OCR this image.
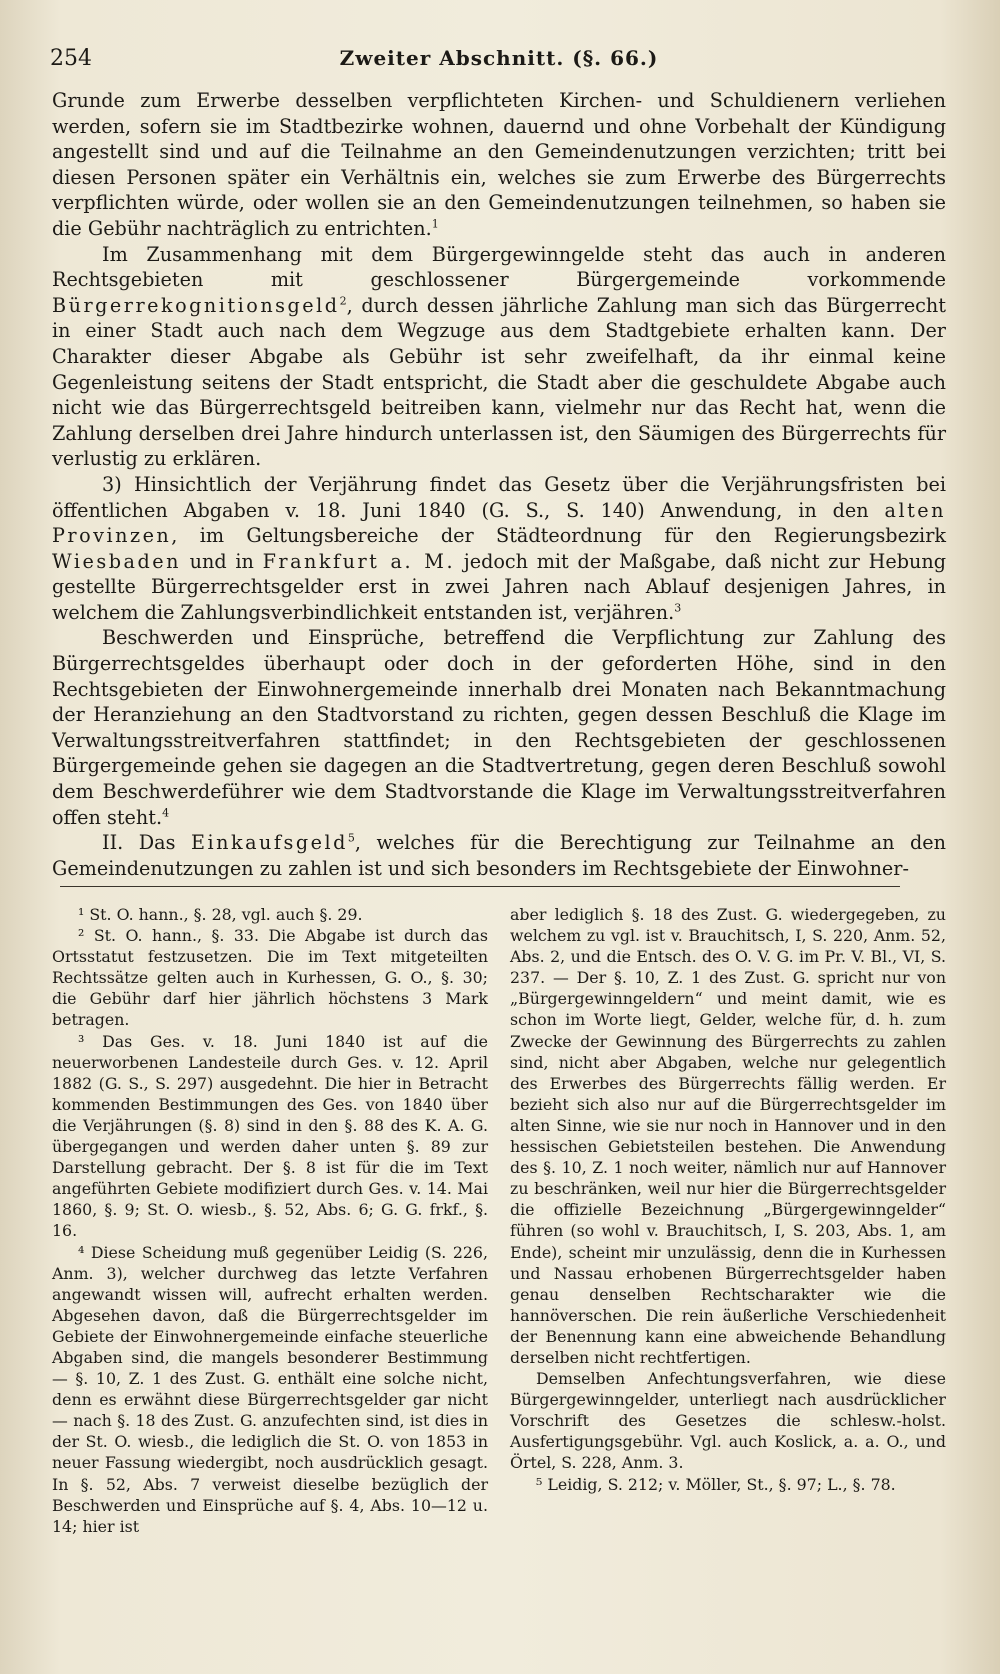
254	Zweiter Abschnitt. (§. 66.)

Grunde zum Erwerbe desselben verpflichteten Kirchen- und Schuldienern verliehen werden, sofern sie im Stadtbezirke wohnen, dauernd und ohne Vorbehalt der Kündigung angestellt sind und auf die Teilnahme an den Gemeindenutzungen verzichten; tritt bei diesen Personen später ein Verhältnis ein, welches sie zum Erwerbe des Bürgerrechts verpflichten würde, oder wollen sie an den Gemeindenutzungen teilnehmen, so haben sie die Gebühr nachträglich zu entrichten.$^1$

Im Zusammenhang mit dem Bürgergewinngelde steht das auch in anderen Rechtsgebieten mit geschlossener Bürgergemeinde vorkommende Bürgerrekognitionsgeld$^2$, durch dessen jährliche Zahlung man sich das Bürgerrecht in einer Stadt auch nach dem Wegzuge aus dem Stadtgebiete erhalten kann. Der Charakter dieser Abgabe als Gebühr ist sehr zweifelhaft, da ihr einmal keine Gegenleistung seitens der Stadt entspricht, die Stadt aber die geschuldete Abgabe auch nicht wie das Bürgerrechtsgeld beitreiben kann, vielmehr nur das Recht hat, wenn die Zahlung derselben drei Jahre hindurch unterlassen ist, den Säumigen des Bürgerrechts für verlustig zu erklären.

3) Hinsichtlich der Verjährung findet das Gesetz über die Verjährungsfristen bei öffentlichen Abgaben v. 18. Juni 1840 (G. S., S. 140) Anwendung, in den alten Provinzen, im Geltungsbereiche der Städteordnung für den Regierungsbezirk Wiesbaden und in Frankfurt a. M. jedoch mit der Maßgabe, daß nicht zur Hebung gestellte Bürgerrechtsgelder erst in zwei Jahren nach Ablauf desjenigen Jahres, in welchem die Zahlungsverbindlichkeit entstanden ist, verjähren.$^3$

Beschwerden und Einsprüche, betreffend die Verpflichtung zur Zahlung des Bürgerrechtsgeldes überhaupt oder doch in der geforderten Höhe, sind in den Rechtsgebieten der Einwohnergemeinde innerhalb drei Monaten nach Bekanntmachung der Heranziehung an den Stadtvorstand zu richten, gegen dessen Beschluß die Klage im Verwaltungsstreitverfahren stattfindet; in den Rechtsgebieten der geschlossenen Bürgergemeinde gehen sie dagegen an die Stadtvertretung, gegen deren Beschluß sowohl dem Beschwerdeführer wie dem Stadtvorstande die Klage im Verwaltungsstreitverfahren offen steht.$^4$

II. Das Einkaufsgeld$^5$, welches für die Berechtigung zur Teilnahme an den Gemeindenutzungen zu zahlen ist und sich besonders im Rechtsgebiete der Einwohner-

¹ St. O. hann., §. 28, vgl. auch §. 29.

² St. O. hann., §. 33. Die Abgabe ist durch das Ortsstatut festzusetzen. Die im Text mitgeteilten Rechtssätze gelten auch in Kurhessen, G. O., §. 30; die Gebühr darf hier jährlich höchstens 3 Mark betragen.

³ Das Ges. v. 18. Juni 1840 ist auf die neuerworbenen Landesteile durch Ges. v. 12. April 1882 (G. S., S. 297) ausgedehnt. Die hier in Betracht kommenden Bestimmungen des Ges. von 1840 über die Verjährungen (§. 8) sind in den §. 88 des K. A. G. übergegangen und werden daher unten §. 89 zur Darstellung gebracht. Der §. 8 ist für die im Text angeführten Gebiete modifiziert durch Ges. v. 14. Mai 1860, §. 9; St. O. wiesb., §. 52, Abs. 6; G. G. frkf., §. 16.

⁴ Diese Scheidung muß gegenüber Leidig (S. 226, Anm. 3), welcher durchweg das letzte Verfahren angewandt wissen will, aufrecht erhalten werden. Abgesehen davon, daß die Bürgerrechtsgelder im Gebiete der Einwohnergemeinde einfache steuerliche Abgaben sind, die mangels besonderer Bestimmung — §. 10, Z. 1 des Zust. G. enthält eine solche nicht, denn es erwähnt diese Bürgerrechtsgelder gar nicht — nach §. 18 des Zust. G. anzufechten sind, ist dies in der St. O. wiesb., die lediglich die St. O. von 1853 in neuer Fassung wiedergibt, noch ausdrücklich gesagt. In §. 52, Abs. 7 verweist dieselbe bezüglich der Beschwerden und Einsprüche auf §. 4, Abs. 10—12 u. 14; hier ist

aber lediglich §. 18 des Zust. G. wiedergegeben, zu welchem zu vgl. ist v. Brauchitsch, I, S. 220, Anm. 52, Abs. 2, und die Entsch. des O. V. G. im Pr. V. Bl., VI, S. 237. — Der §. 10, Z. 1 des Zust. G. spricht nur von „Bürgergewinngeldern“ und meint damit, wie es schon im Worte liegt, Gelder, welche für, d. h. zum Zwecke der Gewinnung des Bürgerrechts zu zahlen sind, nicht aber Abgaben, welche nur gelegentlich des Erwerbes des Bürgerrechts fällig werden. Er bezieht sich also nur auf die Bürgerrechtsgelder im alten Sinne, wie sie nur noch in Hannover und in den hessischen Gebietsteilen bestehen. Die Anwendung des §. 10, Z. 1 noch weiter, nämlich nur auf Hannover zu beschränken, weil nur hier die Bürgerrechtsgelder die offizielle Bezeichnung „Bürgergewinngelder“ führen (so wohl v. Brauchitsch, I, S. 203, Abs. 1, am Ende), scheint mir unzulässig, denn die in Kurhessen und Nassau erhobenen Bürgerrechtsgelder haben genau denselben Rechtscharakter wie die hannöverschen. Die rein äußerliche Verschiedenheit der Benennung kann eine abweichende Behandlung derselben nicht rechtfertigen.

Demselben Anfechtungsverfahren, wie diese Bürgergewinngelder, unterliegt nach ausdrücklicher Vorschrift des Gesetzes die schlesw.-holst. Ausfertigungsgebühr. Vgl. auch Koslick, a. a. O., und Örtel, S. 228, Anm. 3.

⁵ Leidig, S. 212; v. Möller, St., §. 97; L., §. 78.
